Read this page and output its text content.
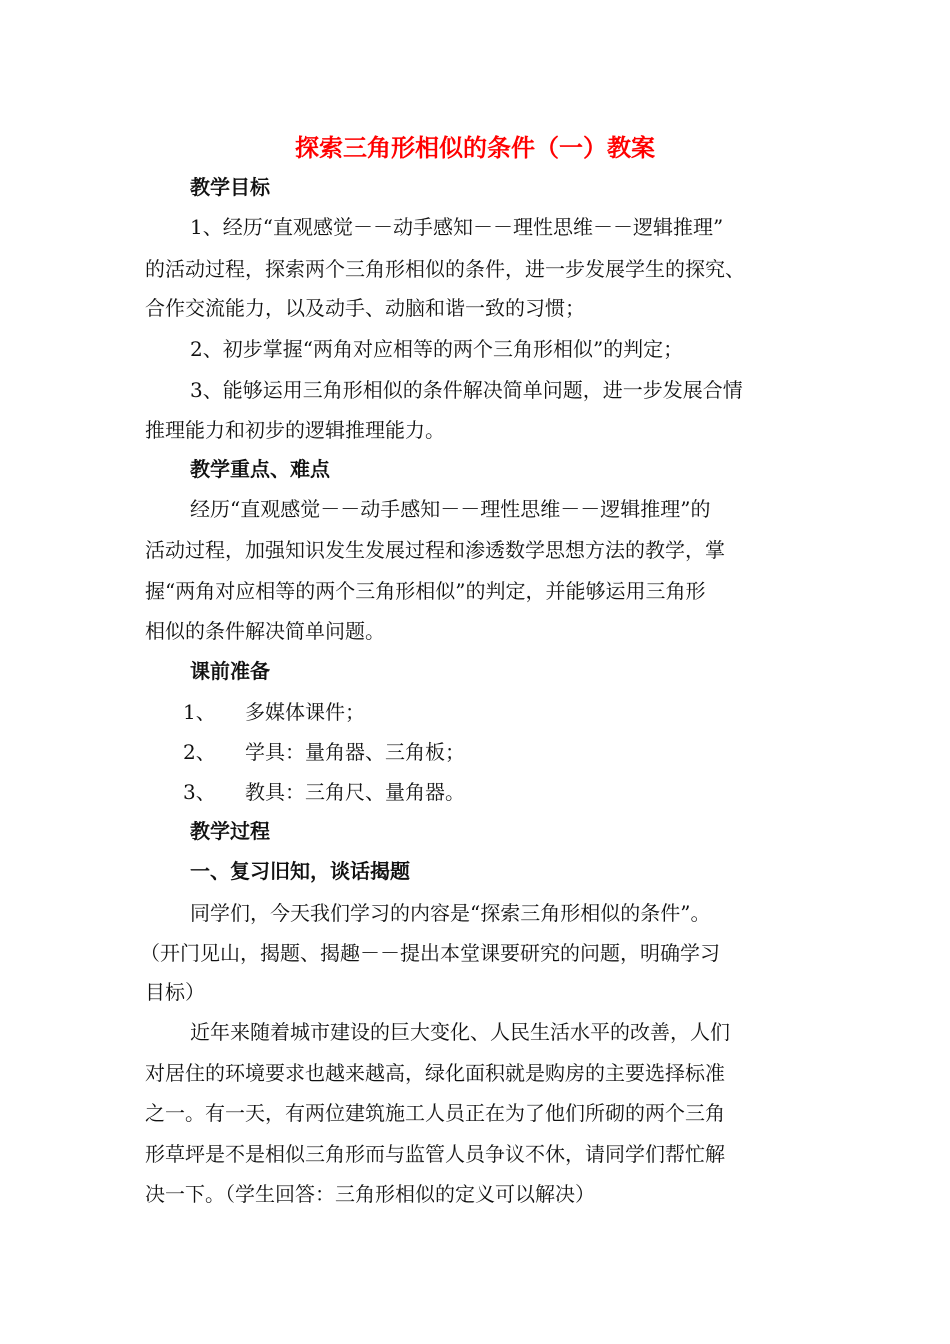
探索三角形相似的条件（一）教案
教学目标
1、经历“直观感觉－－动手感知－－理性思维－－逻辑推理”
的活动过程，探索两个三角形相似的条件，进一步发展学生的探究、
合作交流能力，以及动手、动脑和谐一致的习惯；
2、初步掌握“两角对应相等的两个三角形相似”的判定；
3、能够运用三角形相似的条件解决简单问题，进一步发展合情
推理能力和初步的逻辑推理能力。
教学重点、难点
经历“直观感觉－－动手感知－－理性思维－－逻辑推理”的
活动过程，加强知识发生发展过程和渗透数学思想方法的教学，掌
握“两角对应相等的两个三角形相似”的判定，并能够运用三角形
相似的条件解决简单问题。
课前准备
1、 多媒体课件；
2、 学具：量角器、三角板；
3、 教具：三角尺、量角器。
教学过程
一、复习旧知，谈话揭题
同学们，今天我们学习的内容是“探索三角形相似的条件”。
（开门见山，揭题、揭趣－－提出本堂课要研究的问题，明确学习
目标）
近年来随着城市建设的巨大变化、人民生活水平的改善，人们
对居住的环境要求也越来越高，绿化面积就是购房的主要选择标准
之一。有一天，有两位建筑施工人员正在为了他们所砌的两个三角
形草坪是不是相似三角形而与监管人员争议不休，请同学们帮忙解
决一下。（学生回答：三角形相似的定义可以解决）
